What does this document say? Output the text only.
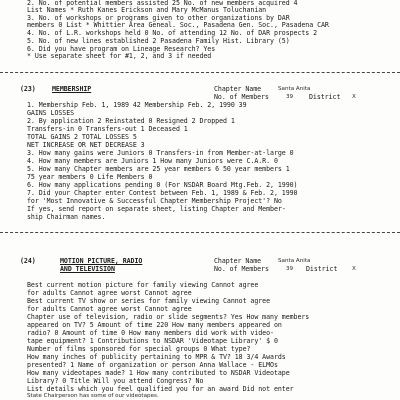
2. No. of potential members assisted 25 No. of new members acquired 4
List Names * Ruth Kanes Erickson and Mary McManus Toluchanian
3. No. of workshops or programs given to other organizations by DAR
members 0 List * Whittier Area Geneal. Soc., Pasadena Gen. Soc., Pasadena CAR
4. No. of L.R. workshops held 0 No. of attending 12 No. of DAR prospects 2
5. No. of new lines established 2 Pasadena Family Hist. Library (5)
6. Did you have program on Lineage Research? Yes
* Use separate sheet for #1, 2, and 3 if needed
(23) MEMBERSHIP	Chapter Name	Santa Anita
No. of Members	39 District X
1. Membership Feb. 1, 1989 42 Membership Feb. 2, 1990 39
GAINS LOSSES
2. By application 2 Reinstated 0 Resigned 2 Dropped 1
Transfers-in 0 Transfers-out 1 Deceased 1
TOTAL GAINS 2 TOTAL LOSSES 5
NET INCREASE OR NET DECREASE 3
3. How many gains were Juniors 0 Transfers-in from Member-at-large 0
4. How many members are Juniors 1 How many Juniors were C.A.R. 0
5. How many Chapter members are 25 year members 6 50 year members 1
75 year members 0 Life Members 0
6. How many applications pending 0 (For NSDAR Board Mtg.Feb. 2, 1990)
7. Did your Chapter enter Contest between Feb. 1, 1989 & Feb. 2, 1990
for 'Most Innovative & Successful Chapter Membership Project'? No
If yes, send report on separate sheet, listing Chapter and Member-
ship Chairman names.
(24)	MOTION PICTURE, RADIO
AND TELEVISION
Chapter Name	Santa Anita
No. of Members	39 District	X
Best current motion picture for family viewing Cannot agree
for adults Cannot agree worst Cannot agree
Best current TV show or series for family viewing Cannot agree
for adults Cannot agree worst Cannot agree
Chapter use of television, radio or slide segments? Yes How many members
appeared on TV? 5 Amount of time 220 How many members appeared on
radio? 0 Amount of time 0 How many members did work with video-
tape equipment? 1 Contributions to NSDAR 'Videotape Library' $ 0
Number of films sponsored for special groups 0 What type?
How many inches of publicity pertaining to MPR & TV? 18 3/4 Awards
presented? 1 Name of organization or person Anna Wallace - ELMOs
How many videotapes made? 1 How many contributed to NSDAR Videotape
Library? 0 Title Will you attend Congress? No
List details which you feel qualified you for an award Did not enter
State Chairperson has some of our videotapes.
